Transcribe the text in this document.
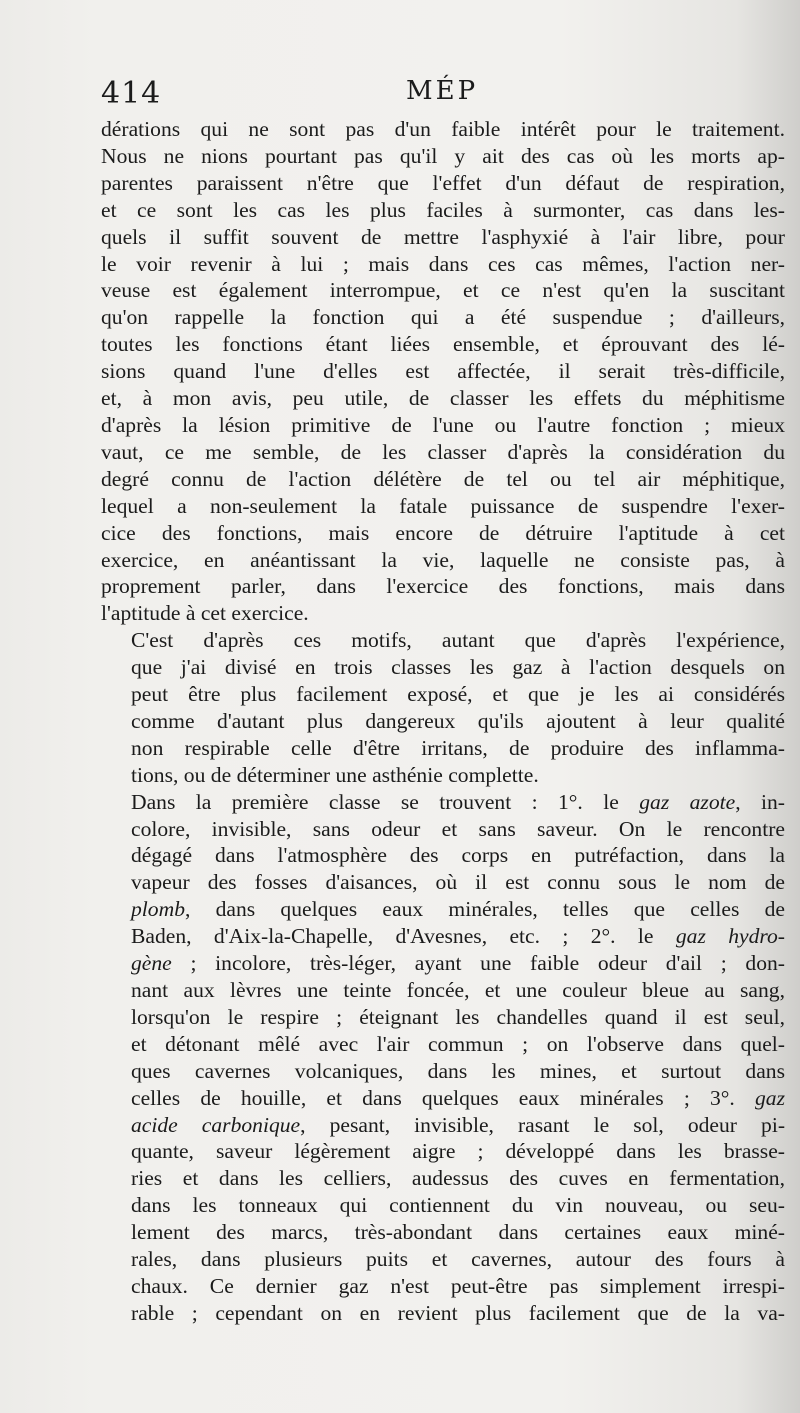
414	MÉP

dérations qui ne sont pas d'un faible intérêt pour le traitement.
Nous ne nions pourtant pas qu'il y ait des cas où les morts ap-
parentes paraissent n'être que l'effet d'un défaut de respiration,
et ce sont les cas les plus faciles à surmonter, cas dans les-
quels il suffit souvent de mettre l'asphyxié à l'air libre, pour
le voir revenir à lui ; mais dans ces cas mêmes, l'action ner-
veuse est également interrompue, et ce n'est qu'en la suscitant
qu'on rappelle la fonction qui a été suspendue ; d'ailleurs,
toutes les fonctions étant liées ensemble, et éprouvant des lé-
sions quand l'une d'elles est affectée, il serait très-difficile,
et, à mon avis, peu utile, de classer les effets du méphitisme
d'après la lésion primitive de l'une ou l'autre fonction ; mieux
vaut, ce me semble, de les classer d'après la considération du
degré connu de l'action délétère de tel ou tel air méphitique,
lequel a non-seulement la fatale puissance de suspendre l'exer-
cice des fonctions, mais encore de détruire l'aptitude à cet
exercice, en anéantissant la vie, laquelle ne consiste pas, à
proprement parler, dans l'exercice des fonctions, mais dans
l'aptitude à cet exercice.

C'est d'après ces motifs, autant que d'après l'expérience,
que j'ai divisé en trois classes les gaz à l'action desquels on
peut être plus facilement exposé, et que je les ai considérés
comme d'autant plus dangereux qu'ils ajoutent à leur qualité
non respirable celle d'être irritans, de produire des inflamma-
tions, ou de déterminer une asthénie complette.

Dans la première classe se trouvent : 1°. le gaz azote, in-
colore, invisible, sans odeur et sans saveur. On le rencontre
dégagé dans l'atmosphère des corps en putréfaction, dans la
vapeur des fosses d'aisances, où il est connu sous le nom de
plomb, dans quelques eaux minérales, telles que celles de
Baden, d'Aix-la-Chapelle, d'Avesnes, etc. ; 2°. le gaz hydro-
gène ; incolore, très-léger, ayant une faible odeur d'ail ; don-
nant aux lèvres une teinte foncée, et une couleur bleue au sang,
lorsqu'on le respire ; éteignant les chandelles quand il est seul,
et détonant mêlé avec l'air commun ; on l'observe dans quel-
ques cavernes volcaniques, dans les mines, et surtout dans
celles de houille, et dans quelques eaux minérales ; 3°. gaz
acide carbonique, pesant, invisible, rasant le sol, odeur pi-
quante, saveur légèrement aigre ; développé dans les brasse-
ries et dans les celliers, audessus des cuves en fermentation,
dans les tonneaux qui contiennent du vin nouveau, ou seu-
lement des marcs, très-abondant dans certaines eaux miné-
rales, dans plusieurs puits et cavernes, autour des fours à
chaux. Ce dernier gaz n'est peut-être pas simplement irrespi-
rable ; cependant on en revient plus facilement que de la va-
